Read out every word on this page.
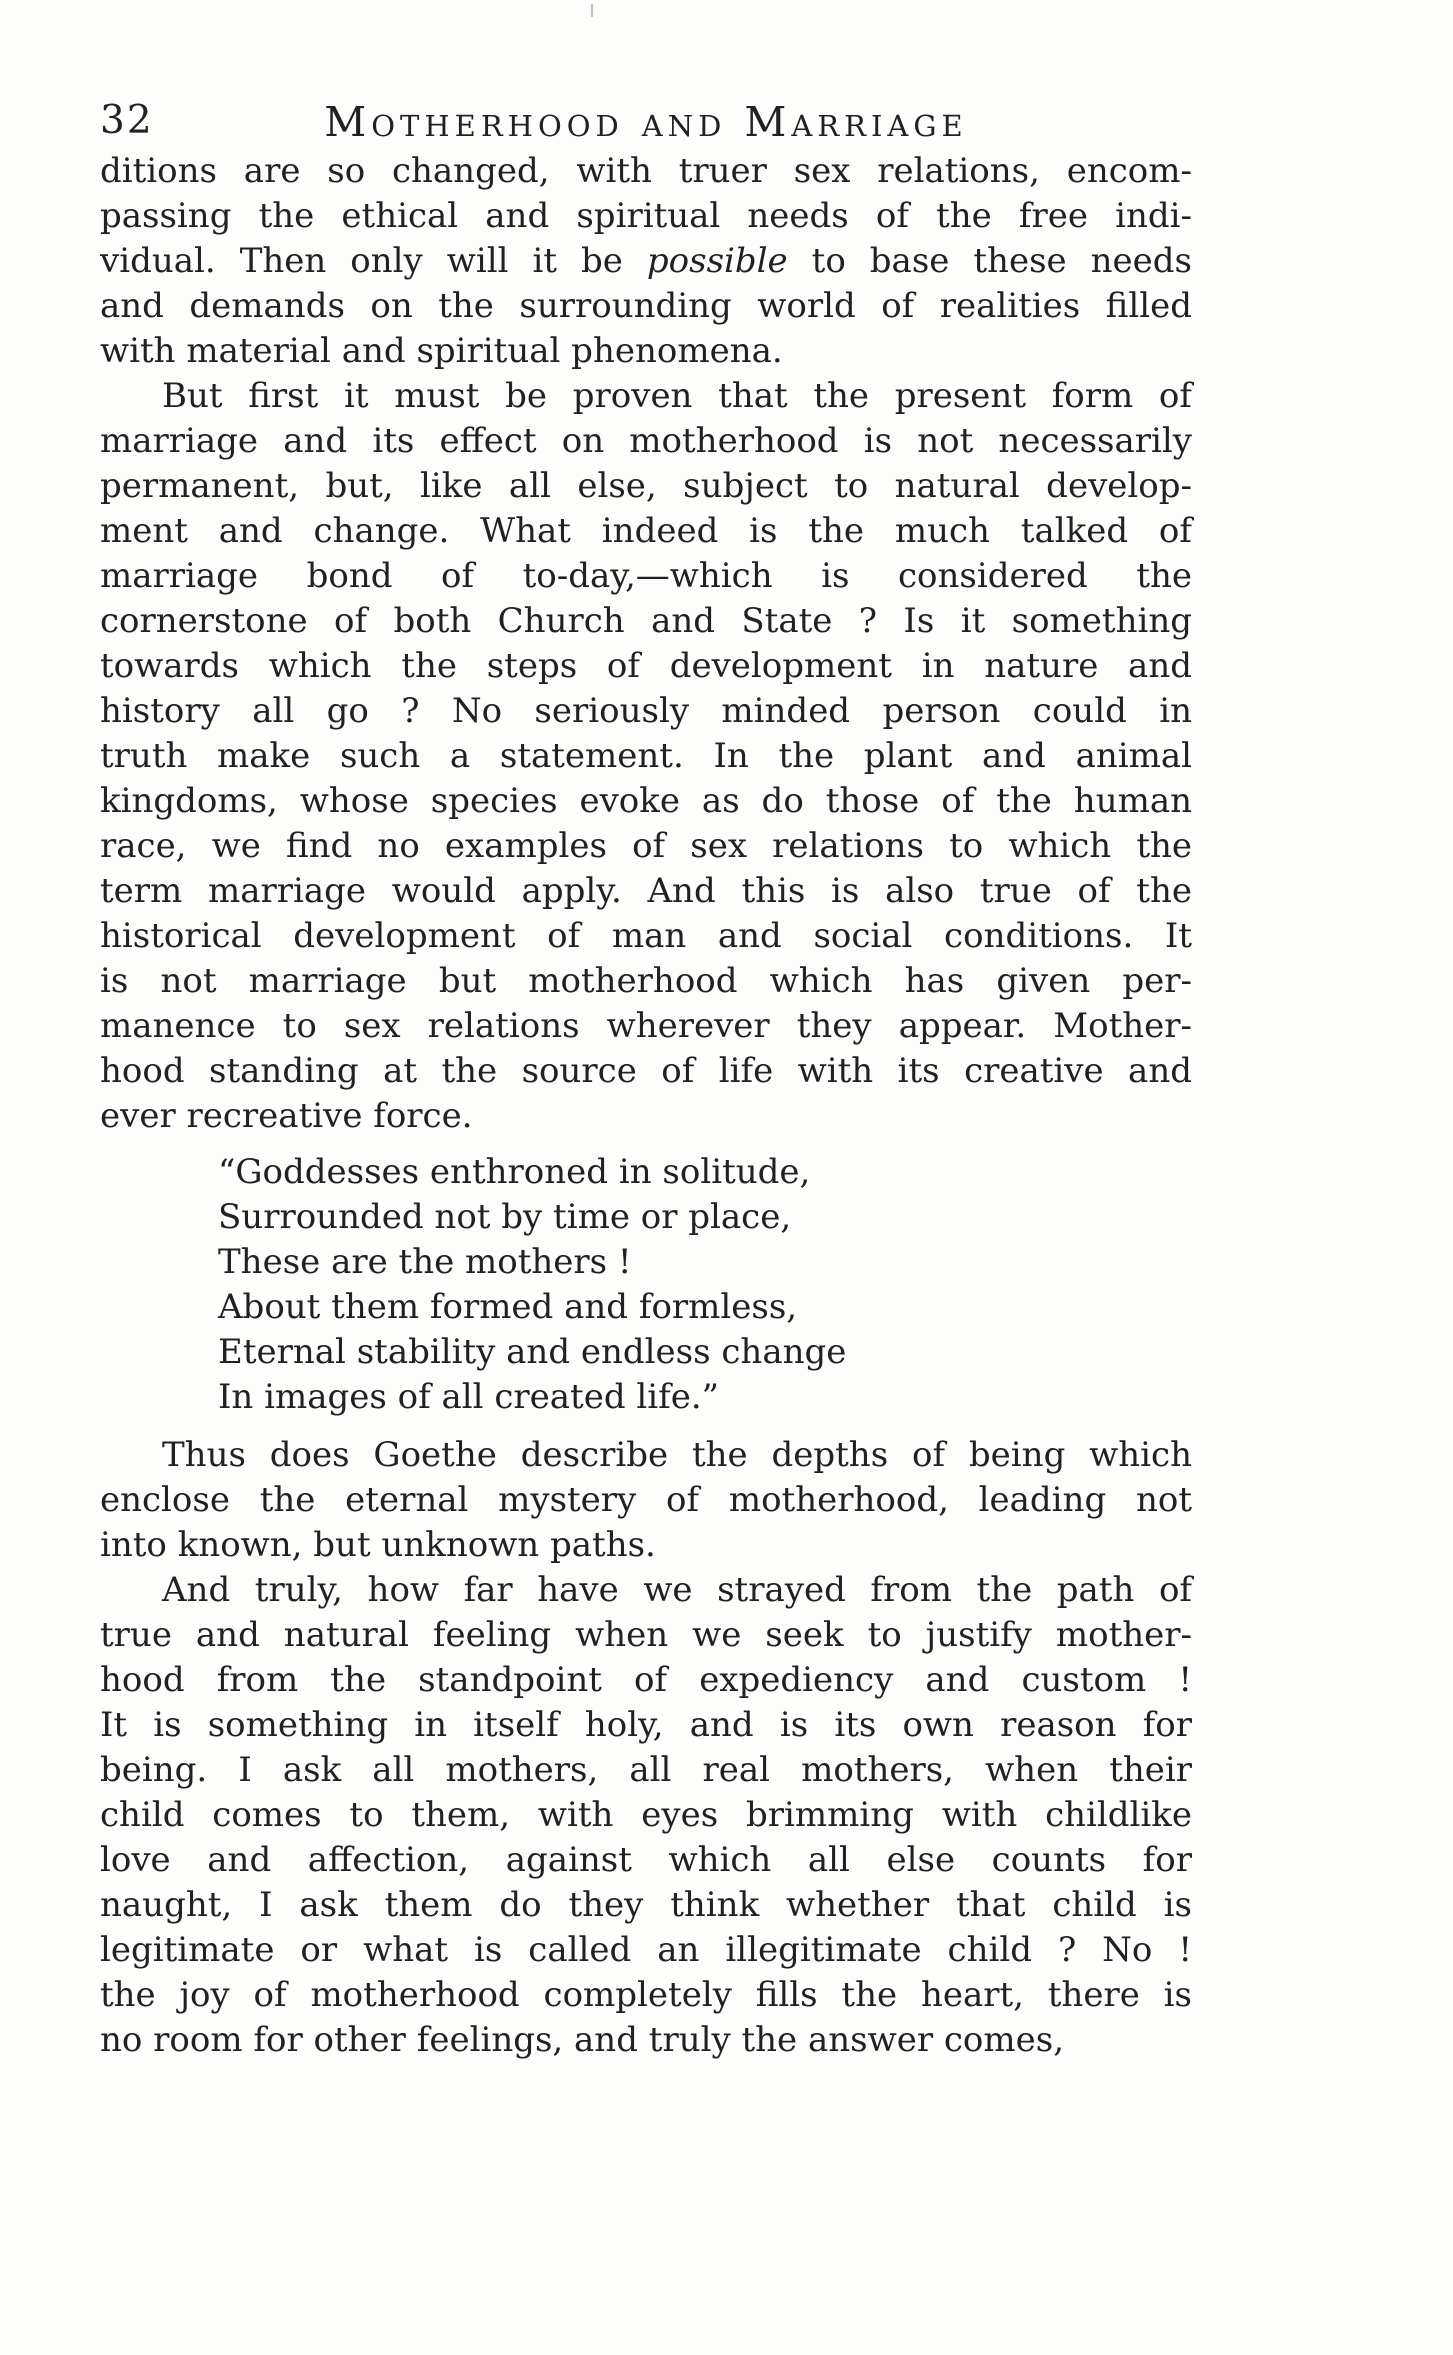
32	Motherhood and Marriage
ditions are so changed, with truer sex relations, encom-
passing the ethical and spiritual needs of the free indi-
vidual. Then only will it be possible to base these needs
and demands on the surrounding world of realities filled
with material and spiritual phenomena.
But first it must be proven that the present form of
marriage and its effect on motherhood is not necessarily
permanent, but, like all else, subject to natural develop-
ment and change. What indeed is the much talked of
marriage bond of to-day,—which is considered the
cornerstone of both Church and State ? Is it something
towards which the steps of development in nature and
history all go ? No seriously minded person could in
truth make such a statement. In the plant and animal
kingdoms, whose species evoke as do those of the human
race, we find no examples of sex relations to which the
term marriage would apply. And this is also true of the
historical development of man and social conditions. It
is not marriage but motherhood which has given per-
manence to sex relations wherever they appear. Mother-
hood standing at the source of life with its creative and
ever recreative force.
“Goddesses enthroned in solitude,
Surrounded not by time or place,
These are the mothers !
About them formed and formless,
Eternal stability and endless change
In images of all created life.”
Thus does Goethe describe the depths of being which
enclose the eternal mystery of motherhood, leading not
into known, but unknown paths.
And truly, how far have we strayed from the path of
true and natural feeling when we seek to justify mother-
hood from the standpoint of expediency and custom !
It is something in itself holy, and is its own reason for
being. I ask all mothers, all real mothers, when their
child comes to them, with eyes brimming with childlike
love and affection, against which all else counts for
naught, I ask them do they think whether that child is
legitimate or what is called an illegitimate child ? No !
the joy of motherhood completely fills the heart, there is
no room for other feelings, and truly the answer comes,
